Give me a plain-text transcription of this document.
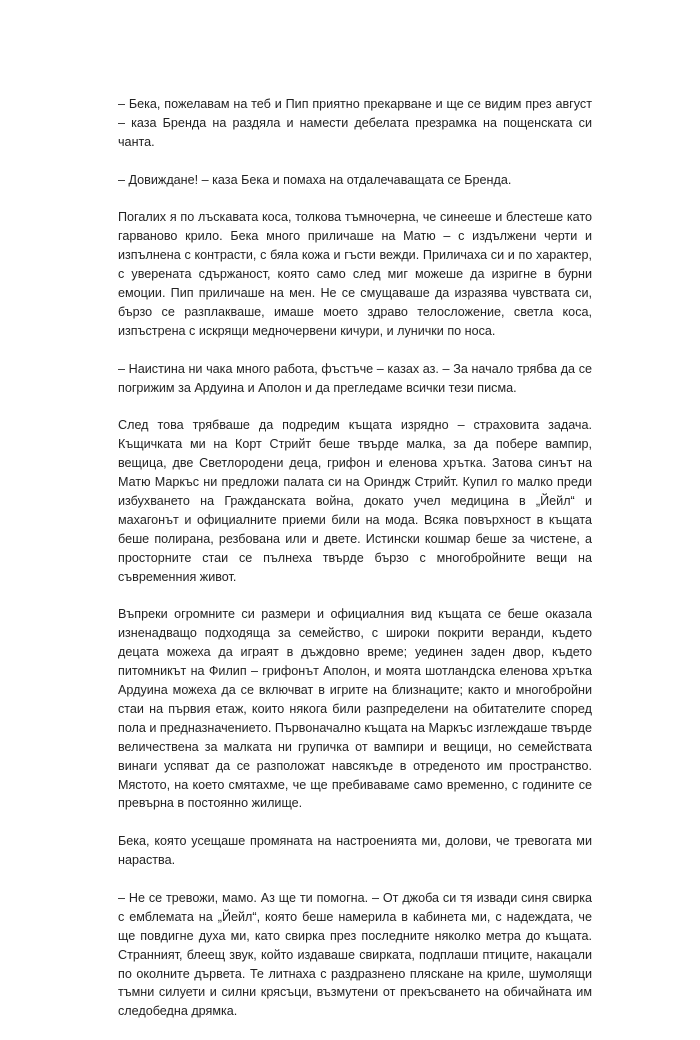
– Бека, пожелавам на теб и Пип приятно прекарване и ще се видим през август – каза Бренда на раздяла и намести дебелата презрамка на пощенската си чанта.

– Довиждане! – каза Бека и помаха на отдалечаващата се Бренда.

Погалих я по лъскавата коса, толкова тъмночерна, че синееше и блестеше като гарваново крило. Бека много приличаше на Матю – с издължени черти и изпълнена с контрасти, с бяла кожа и гъсти вежди. Приличаха си и по характер, с уверената сдържаност, която само след миг можеше да изригне в бурни емоции. Пип приличаше на мен. Не се смущаваше да изразява чувствата си, бързо се разплакваше, имаше моето здраво телосложение, светла коса, изпъстрена с искрящи медночервени кичури, и лунички по носа.

– Наистина ни чака много работа, фъстъче – казах аз. – За начало трябва да се погрижим за Ардуина и Аполон и да прегледаме всички тези писма.

След това трябваше да подредим къщата изрядно – страховита задача. Къщичката ми на Корт Стрийт беше твърде малка, за да побере вампир, вещица, две Светлородени деца, грифон и еленова хрътка. Затова синът на Матю Маркъс ни предложи палата си на Ориндж Стрийт. Купил го малко преди избухването на Гражданската война, докато учел медицина в „Йейл“ и махагонът и официалните приеми били на мода. Всяка повърхност в къщата беше полирана, резбована или и двете. Истински кошмар беше за чистене, а просторните стаи се пълнеха твърде бързо с многобройните вещи на съвременния живот.

Въпреки огромните си размери и официалния вид къщата се беше оказала изненадващо подходяща за семейство, с широки покрити веранди, където децата можеха да играят в дъждовно време; уединен заден двор, където питомникът на Филип – грифонът Аполон, и моята шотландска еленова хрътка Ардуина можеха да се включват в игрите на близнаците; както и многобройни стаи на първия етаж, които някога били разпределени на обитателите според пола и предназначението. Първоначално къщата на Маркъс изглеждаше твърде величествена за малката ни групичка от вампири и вещици, но семействата винаги успяват да се разположат навсякъде в отреденото им пространство. Мястото, на което смятахме, че ще пребиваваме само временно, с годините се превърна в постоянно жилище.

Бека, която усещаше промяната на настроенията ми, долови, че тревогата ми нараства.

– Не се тревожи, мамо. Аз ще ти помогна. – От джоба си тя извади синя свирка с емблемата на „Йейл“, която беше намерила в кабинета ми, с надеждата, че ще повдигне духа ми, като свирка през последните няколко метра до къщата. Странният, блеещ звук, който издаваше свирката, подплаши птиците, накацали по околните дървета. Те литнаха с раздразнено пляскане на криле, шумолящи тъмни силуети и силни крясъци, възмутени от прекъсването на обичайната им следобедна дрямка.
